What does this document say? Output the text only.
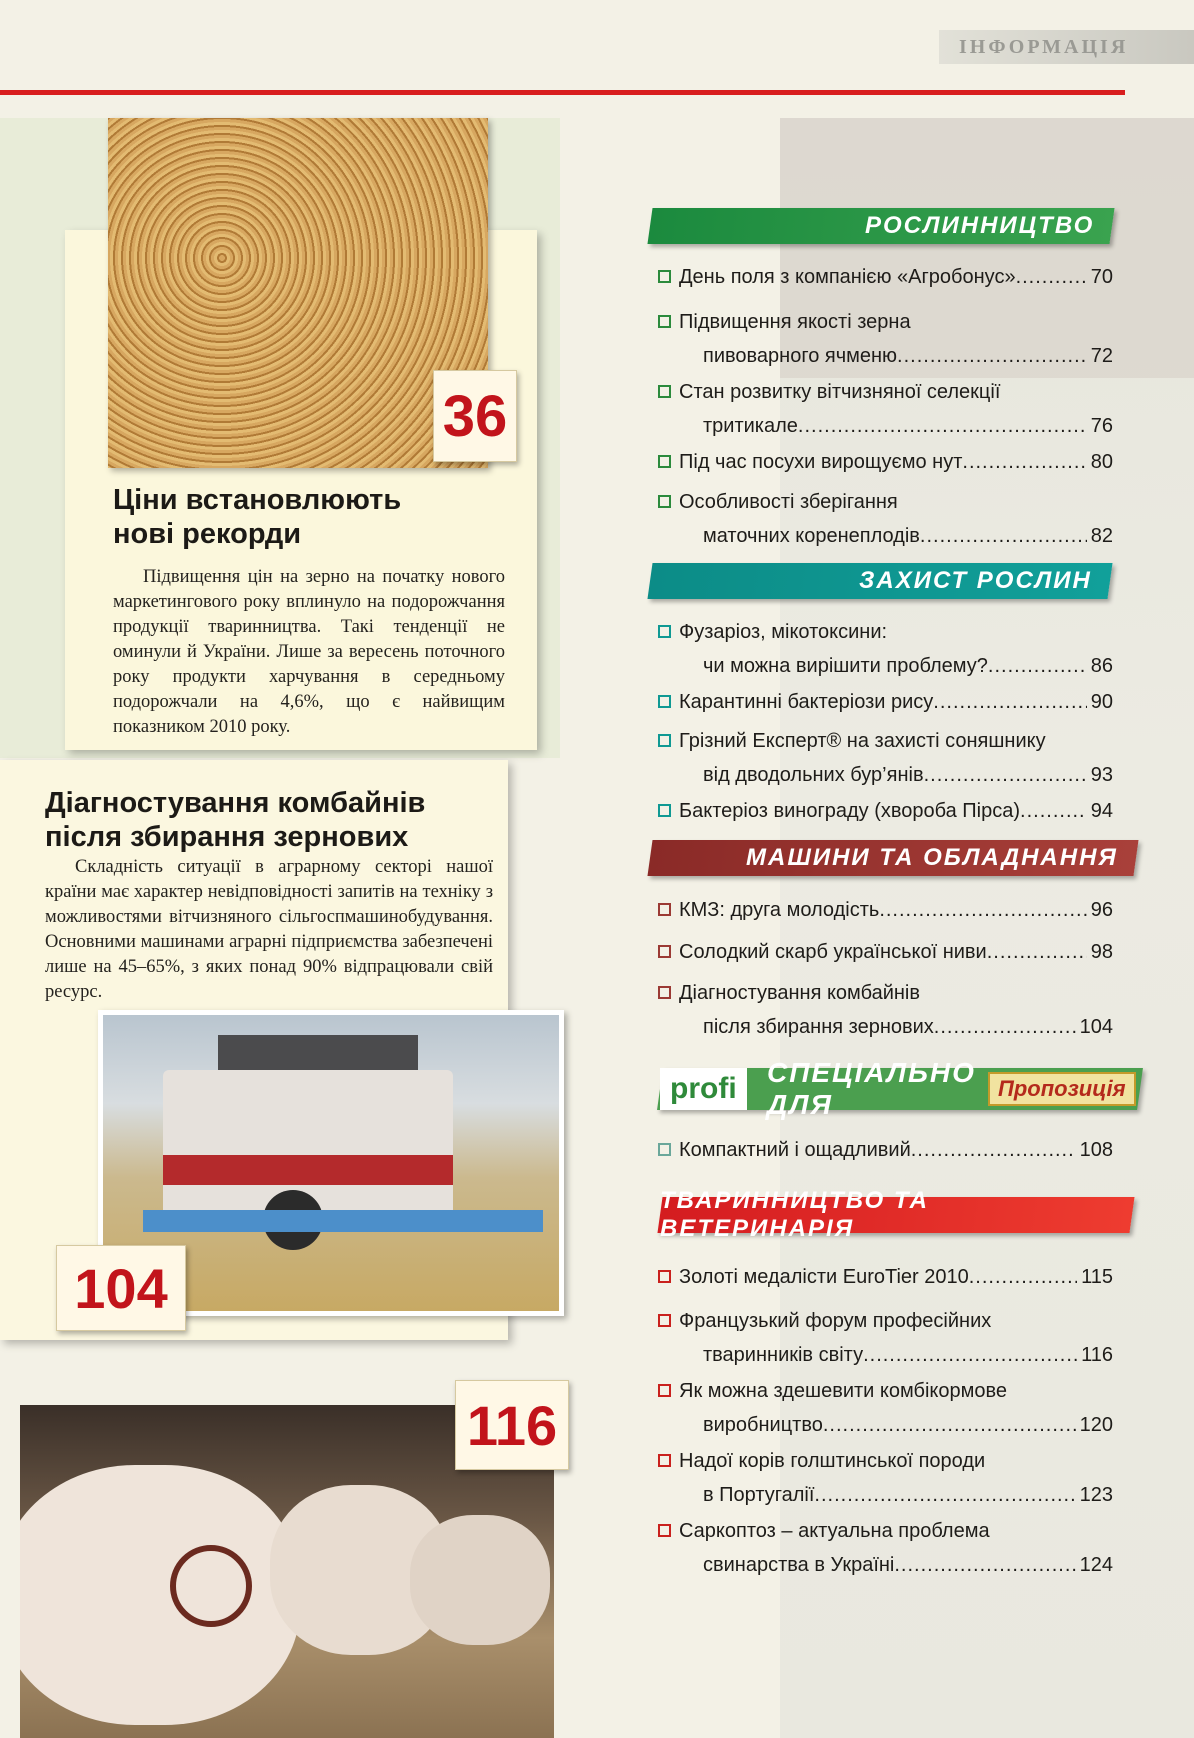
ІНФОРМАЦІЯ
36
Ціни встановлюють нові рекорди
Підвищення цін на зерно на початку нового маркетингового року вплинуло на подорожчання продукції тваринництва. Такі тенденції не оминули й України. Лише за вересень поточного року продукти харчування в середньому подорожчали на 4,6%, що є найвищим показником 2010 року.
Діагностування комбайнів після збирання зернових
Складність ситуації в аграрному секторі нашої країни має характер невідповідності запитів на техніку з можливостями вітчизняного сільгоспмашинобудування. Основними машинами аграрні підприємства забезпечені лише на 45–65%, з яких понад 90% відпрацювали свій ресурс.
104
116
РОСЛИННИЦТВО
День поля з компанією «Агробонус» .....	70
Підвищення якості зерна
пивоварного ячменю .....	72
Стан розвитку вітчизняної селекції
тритикале .....	76
Під час посухи вирощуємо нут .....	80
Особливості зберігання
маточних коренеплодів .....	82
ЗАХИСТ РОСЛИН
Фузаріоз, мікотоксини:
чи можна вирішити проблему? .....	86
Карантинні бактеріози рису .....	90
Грізний Експерт® на захисті соняшнику
від дводольних бур’янів .....	93
Бактеріоз винограду (хвороба Пірса) .....	94
МАШИНИ ТА ОБЛАДНАННЯ
КМЗ: друга молодість .....	96
Солодкий скарб української ниви .....	98
Діагностування комбайнів
після збирання зернових .....	104
profi	СПЕЦІАЛЬНО ДЛЯ
Пропозиція
Компактний і ощадливий .....	108
ТВАРИННИЦТВО ТА ВЕТЕРИНАРІЯ
Золоті медалісти EuroTier 2010 .....	115
Французький форум професійних
тваринників світу .....	116
Як можна здешевити комбікормове
виробництво .....	120
Надої корів голштинської породи
в Португалії .....	123
Саркоптоз – актуальна проблема
свинарства в Україні .....	124
